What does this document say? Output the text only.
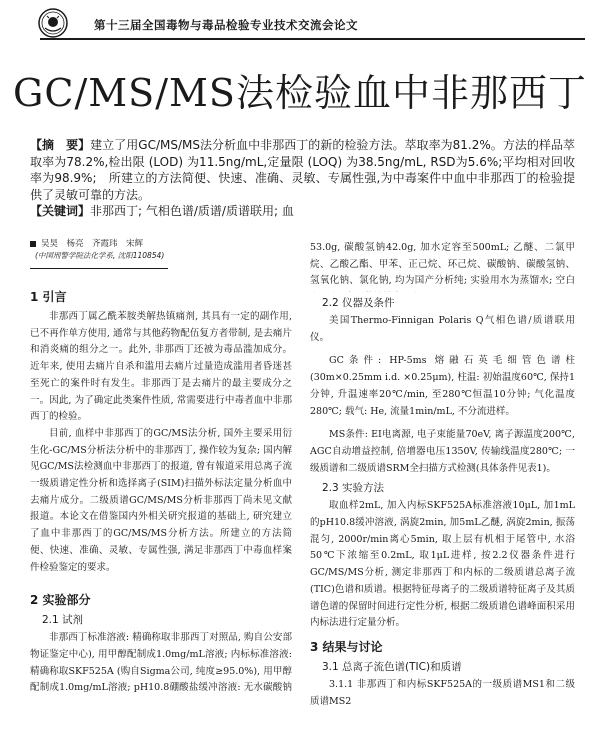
第十三届全国毒物与毒品检验专业技术交流会论文
GC/MS/MS法检验血中非那西丁
【摘　要】建立了用GC/MS/MS法分析血中非那西丁的新的检验方法。萃取率为81.2%。方法的样品萃取率为78.2%,检出限 (LOD) 为11.5ng/mL,定量限 (LOQ) 为38.5ng/mL, RSD为5.6%;平均相对回收率为98.9%;　所建立的方法简便、快速、准确、灵敏、专属性强,为中毒案件中血中非那西丁的检验提供了灵敏可靠的方法。
【关键词】非那西丁; 气相色谱/质谱/质谱联用; 血
吴昊　杨亮　齐霞玮　宋辉
(中国刑警学院法化学系, 沈阳110854)
1 引言

非那西丁属乙酰苯胺类解热镇痛剂, 其具有一定的副作用, 已不再作单方使用, 通常与其他药物配伍复方者带制, 是去痛片和消炎痛的组分之一。此外, 非那西丁还被为毒品滥加成分。近年来, 使用去痛片自杀和滥用去痛片过量造成滥用者昏迷甚至死亡的案件时有发生。非那西丁是去痛片的最主要成分之一。因此, 为了确定此类案件性质, 常需要进行中毒者血中非那西丁的检验。

目前, 血样中非那西丁的GC/MS法分析, 国外主要采用衍生化-GC/MS分析法分析中的非那西丁, 操作较为复杂; 国内解见GC/MS法检测血中非那西丁的报道, 曾有報道采用总离子流一级质谱定性分析和选择离子(SIM)扫描外标法定量分析血中去痛片成分。二级质谱GC/MS/MS分析非那西丁尚未见文献报道。本论文在借鉴国内外相关研究报道的基础上, 研究建立了血中非那西丁的GC/MS/MS分析方法。所建立的方法简便、快速、准确、灵敏、专属性强, 满足非那西丁中毒血样案件检验鉴定的要求。

2 实验部分
2.1 试剂

非那西丁标准溶液: 精确称取非那西丁对照品, 购自公安部物证鉴定中心), 用甲醇配制成1.0mg/mL溶液; 内标标准溶液: 精确称取SKF525A (购自Sigma公司, 纯度≥95.0%), 用甲醇配制成1.0mg/mL溶液; pH10.8硼酸盐缓冲溶液: 无水碳酸钠

53.0g, 碳酸氢钠42.0g, 加水定容至500mL; 乙醚、二氯甲烷、乙酸乙酯、甲苯、正己烷、环己烷、碳酸钠、碳酸氢钠、氢氧化钠、氯化钠, 均为国产分析纯; 实验用水为蒸馏水; 空白

2.2 仪器及条件

美国Thermo-Finnigan Polaris Q气相色谱/质谱联用仪。

GC条件: HP-5ms 熔融石英毛细管色谱柱(30m×0.25mm i.d. ×0.25μm), 柱温: 初始温度60℃, 保持1分钟, 升温速率20℃/min, 至280℃恒温10分钟; 气化温度280℃; 载气: He, 流量1min/mL, 不分流进样。

MS条件: EI电离源, 电子束能量70eV, 离子源温度200℃, AGC自动增益控制, 倍增器电压1350V, 传输线温度280℃; 一级质谱和二级质谱SRM全扫描方式检测(具体条件见表1)。

2.3 实验方法

取血样2mL, 加入内标SKF525A标准溶液10μL, 加1mL的pH10.8缓冲溶液, 涡旋2min, 加5mL乙醚, 涡旋2min, 振荡混匀, 2000r/min离心5min, 取上层有机相于尾管中, 水浴50℃下浓缩至0.2mL, 取1μL进样, 按2.2仪器条件进行GC/MS/MS分析, 测定非那西丁和内标的二级质谱总离子流(TIC)色谱和质谱。根据特征母离子的二级质谱特征离子及其质谱色谱的保留时间进行定性分析, 根据二级质谱色谱峰面积采用内标法进行定量分析。

3 结果与讨论
3.1 总离子流色谱(TIC)和质谱

3.1.1 非那西丁和内标SKF525A的一级质谱MS1和二级质谱MS2
